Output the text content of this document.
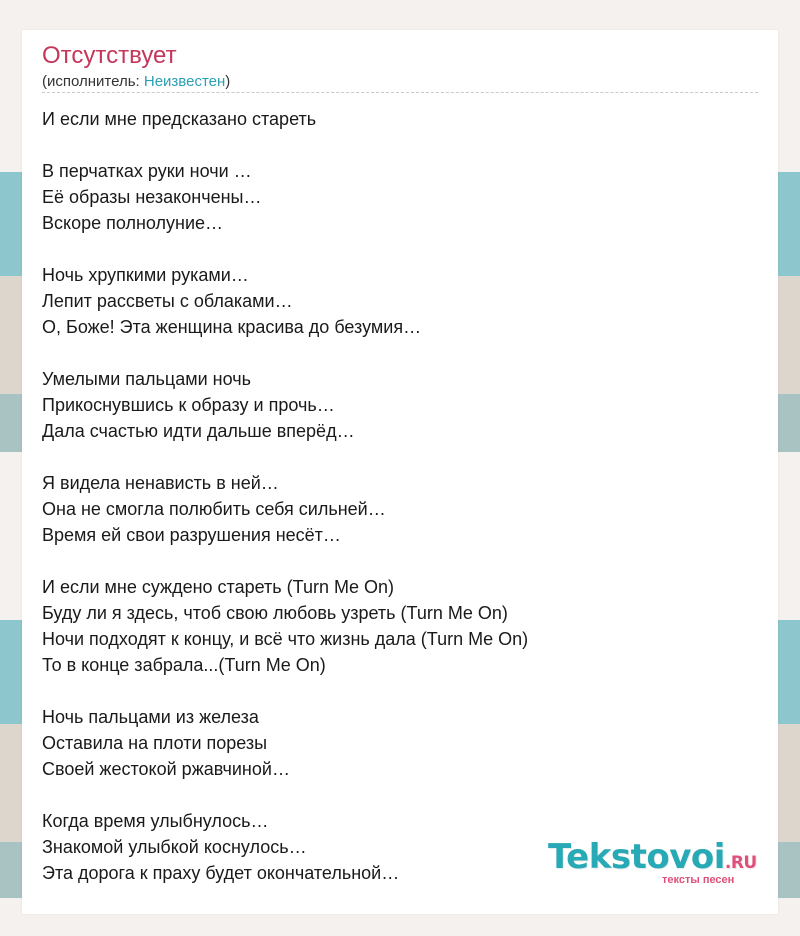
Отсутствует
(исполнитель: Неизвестен)

И если мне предсказано стареть

В перчатках руки ночи …
Её образы незакончены…
Вскоре полнолуние…

Ночь хрупкими руками…
Лепит рассветы с облаками…
О, Боже! Эта женщина красива до безумия…

Умелыми пальцами ночь
Прикоснувшись к образу и прочь…
Дала счастью идти дальше вперёд…

Я видела ненависть в ней…
Она не смогла полюбить себя сильней…
Время ей свои разрушения несёт…

И если мне суждено стареть (Turn Me On)
Буду ли я здесь, чтоб свою любовь узреть (Turn Me On)
Ночи подходят к концу, и всё что жизнь дала (Turn Me On)
То в конце забрала...(Turn Me On)

Ночь пальцами из железа
Оставила на плоти порезы
Своей жестокой ржавчиной…

Когда время улыбнулось…
Знакомой улыбкой коснулось…
Эта дорога к праху будет окончательной…	Tekstovoi.RU
тексты песен
